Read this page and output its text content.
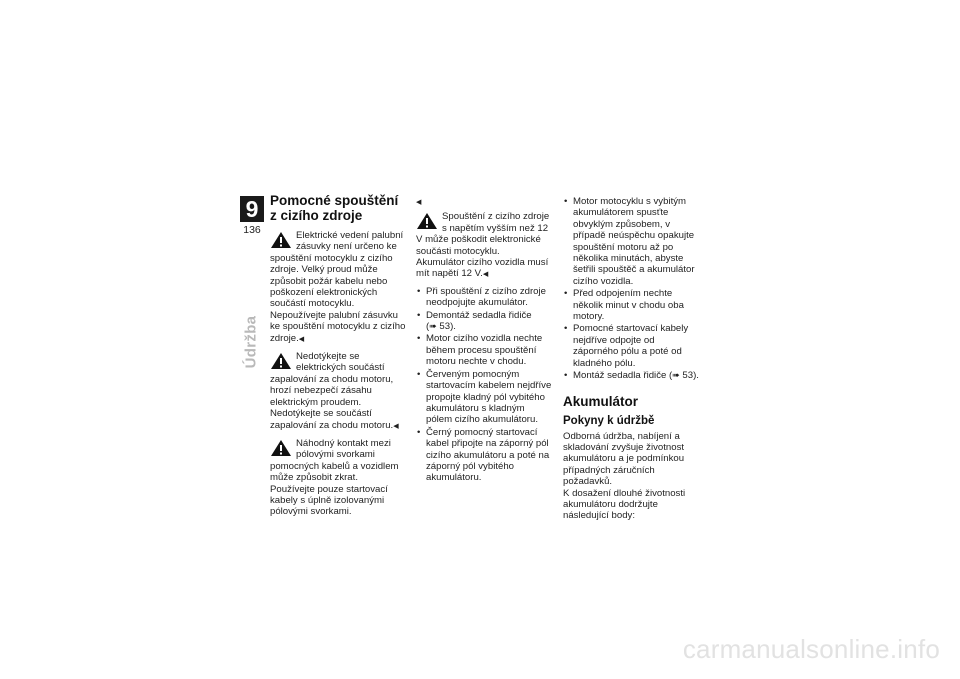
9
136
Údržba
Pomocné spouštění z cizího zdroje
Elektrické vedení palubní zásuvky není určeno ke spouštění motocyklu z cizího zdroje. Velký proud může způsobit požár kabelu nebo poškození elektronických součástí motocyklu.

Nepoužívejte palubní zásuvku ke spouštění motocyklu z cizího zdroje.◀

Nedotýkejte se elektrických součástí zapalování za chodu motoru, hrozí nebezpečí zásahu elektrickým proudem.

Nedotýkejte se součástí zapalování za chodu motoru.◀

Náhodný kontakt mezi pólovými svorkami pomocných kabelů a vozidlem může způsobit zkrat.

Používejte pouze startovací kabely s úplně izolovanými pólovými svorkami.

◀

Spouštění z cizího zdroje s napětím vyšším než 12 V může poškodit elektronické součásti motocyklu.

Akumulátor cizího vozidla musí mít napětí 12 V.◀

• Při spouštění z cizího zdroje neodpojujte akumulátor.
• Demontáž sedadla řidiče
(➠ 53).
• Motor cizího vozidla nechte během procesu spouštění motoru nechte v chodu.
• Červeným pomocným startovacím kabelem nejdříve propojte kladný pól vybitého akumulátoru s kladným pólem cizího akumulátoru.
• Černý pomocný startovací kabel připojte na záporný pól cizího akumulátoru a poté na záporný pól vybitého akumulátoru.
• Motor motocyklu s vybitým akumulátorem spusťte obvyklým způsobem, v případě neúspěchu opakujte spouštění motoru až po několika minutách, abyste šetřili spouštěč a akumulátor cizího vozidla.
• Před odpojením nechte několik minut v chodu oba motory.
• Pomocné startovací kabely nejdříve odpojte od záporného pólu a poté od kladného pólu.
• Montáž sedadla řidiče (➠ 53).
Akumulátor
Pokyny k údržbě

Odborná údržba, nabíjení a skladování zvyšuje životnost akumulátoru a je podmínkou případných záručních požadavků.

K dosažení dlouhé životnosti akumulátoru dodržujte následující body:

carmanualsonline.info
